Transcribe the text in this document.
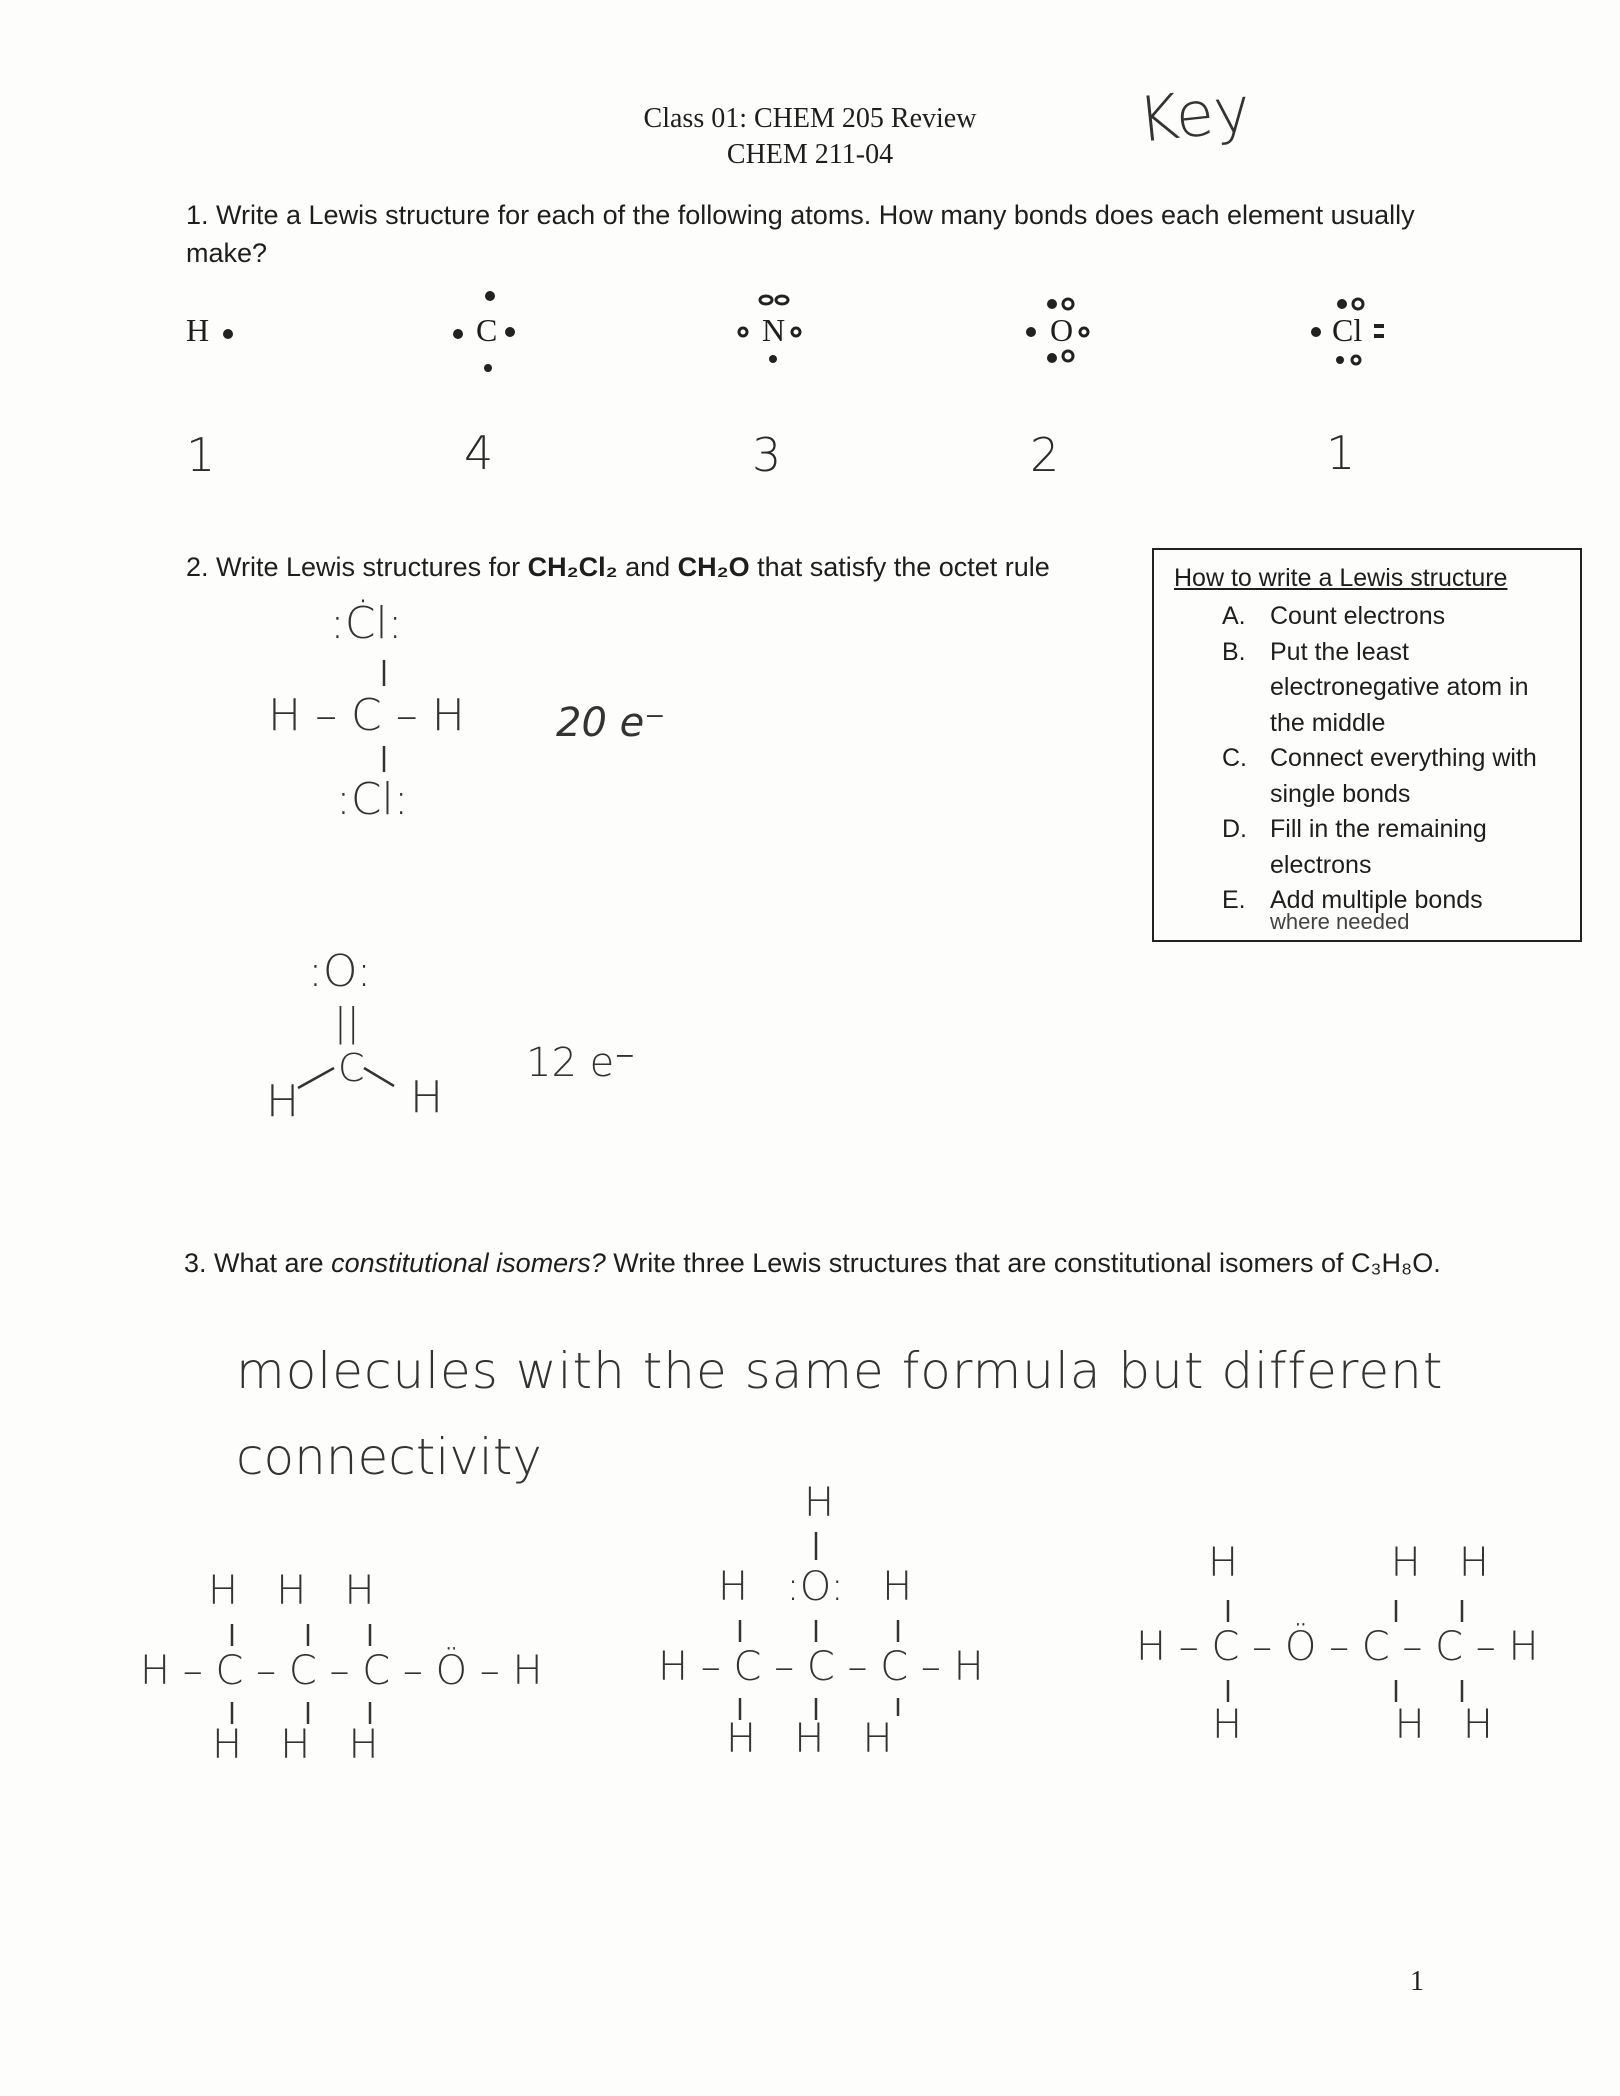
Class 01: CHEM 205 Review
CHEM 211-04	Key
1. Write a Lewis structure for each of the following atoms. How many bonds does each element usually make?
H	C	N	O	Cl
1	4	3	2	1
2. Write Lewis structures for CH₂Cl₂ and CH₂O that satisfy the octet rule
:Ċl:
H – C – H
:Cl:
20 e⁻
:O:
||
C
H	H
12 e⁻
How to write a Lewis structure
A. Count electrons
B. Put the least electronegative atom in the middle
C. Connect everything with single bonds
D. Fill in the remaining electrons
E. Add multiple bonds
where needed
3. What are constitutional isomers? Write three Lewis structures that are constitutional isomers of C₃H₈O.
molecules with the same formula but different
connectivity
H   H   H
H – C – C – C – Ö – H
H   H   H
H
H   :O:   H
H – C – C – C – H
H   H   H
H            H   H
H – C – Ö – C – C – H
H            H   H
1
